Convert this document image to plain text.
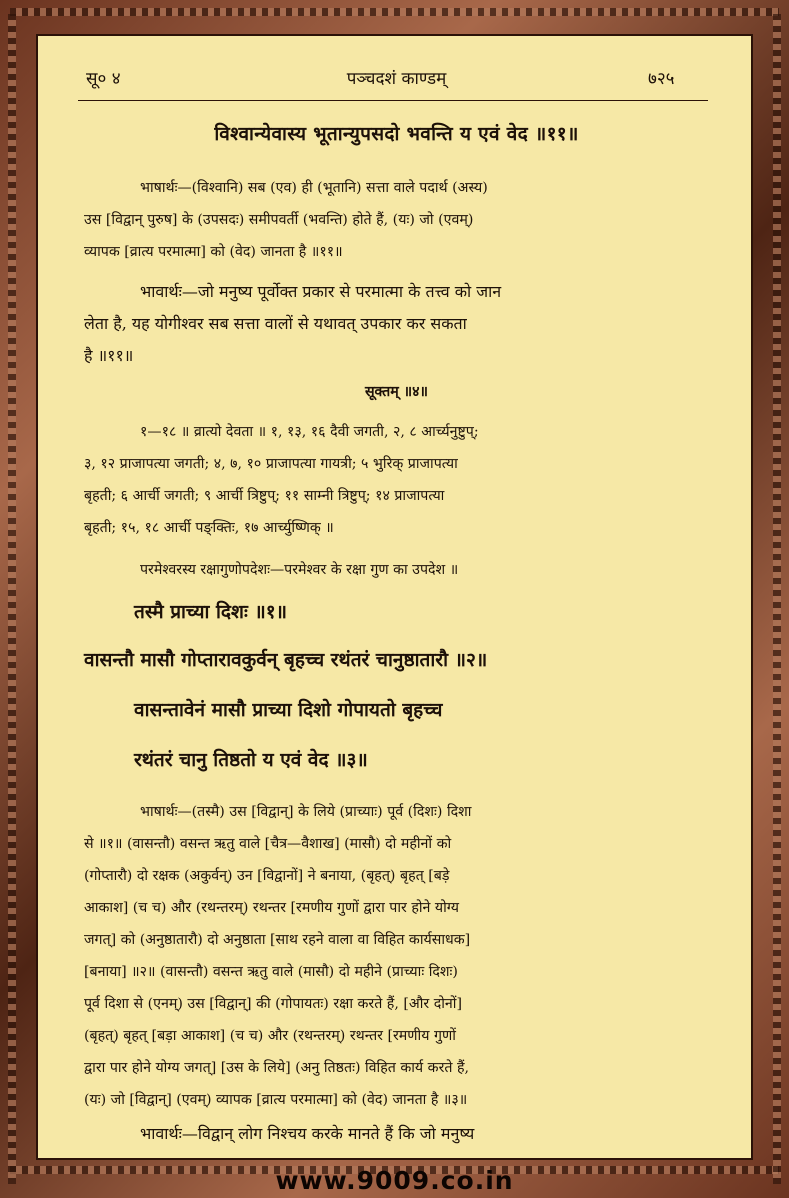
सू० ४	पञ्चदशं काण्डम्	७२५
विश्वान्येवास्य भूतान्युपसदो भवन्ति य एवं वेद ॥११॥
भाषार्थः—(विश्वानि) सब (एव) ही (भूतानि) सत्ता वाले पदार्थ (अस्य)
उस [विद्वान् पुरुष] के (उपसदः) समीपवर्ती (भवन्ति) होते हैं, (यः) जो (एवम्)
व्यापक [व्रात्य परमात्मा] को (वेद) जानता है ॥११॥
भावार्थः—जो मनुष्य पूर्वोक्त प्रकार से परमात्मा के तत्त्व को जान
लेता है, यह योगीश्वर सब सत्ता वालों से यथावत् उपकार कर सकता
है ॥११॥
सूक्तम् ॥४॥
१—१८ ॥ व्रात्यो देवता ॥ १, १३, १६ दैवी जगती, २, ८ आर्च्यनुष्टुप्;
३, १२ प्राजापत्या जगती; ४, ७, १० प्राजापत्या गायत्री; ५ भुरिक् प्राजापत्या
बृहती; ६ आर्ची जगती; ९ आर्ची त्रिष्टुप्; ११ साम्नी त्रिष्टुप्; १४ प्राजापत्या
बृहती; १५, १८ आर्ची पङ्क्तिः, १७ आर्च्युष्णिक् ॥
परमेश्वरस्य रक्षागुणोपदेशः—परमेश्वर के रक्षा गुण का उपदेश ॥
तस्मै प्राच्या दिशः ॥१॥
वासन्तौ मासौ गोप्तारावकुर्वन् बृहच्च रथंतरं चानुष्ठातारौ ॥२॥
वासन्तावेनं मासौ प्राच्या दिशो गोपायतो बृहच्च
रथंतरं चानु तिष्ठतो य एवं वेद ॥३॥
भाषार्थः—(तस्मै) उस [विद्वान्] के लिये (प्राच्याः) पूर्व (दिशः) दिशा
से ॥१॥ (वासन्तौ) वसन्त ऋतु वाले [चैत्र—वैशाख] (मासौ) दो महीनों को
(गोप्तारौ) दो रक्षक (अकुर्वन्) उन [विद्वानों] ने बनाया, (बृहत्) बृहत् [बड़े
आकाश] (च च) और (रथन्तरम्) रथन्तर [रमणीय गुणों द्वारा पार होने योग्य
जगत्] को (अनुष्ठातारौ) दो अनुष्ठाता [साथ रहने वाला वा विहित कार्यसाधक]
[बनाया] ॥२॥ (वासन्तौ) वसन्त ऋतु वाले (मासौ) दो महीने (प्राच्याः दिशः)
पूर्व दिशा से (एनम्) उस [विद्वान्] की (गोपायतः) रक्षा करते हैं, [और दोनों]
(बृहत्) बृहत् [बड़ा आकाश] (च च) और (रथन्तरम्) रथन्तर [रमणीय गुणों
द्वारा पार होने योग्य जगत्] [उस के लिये] (अनु तिष्ठतः) विहित कार्य करते हैं,
(यः) जो [विद्वान्] (एवम्) व्यापक [व्रात्य परमात्मा] को (वेद) जानता है ॥३॥
भावार्थः—विद्वान् लोग निश्चय करके मानते हैं कि जो मनुष्य
www.9009.co.in
